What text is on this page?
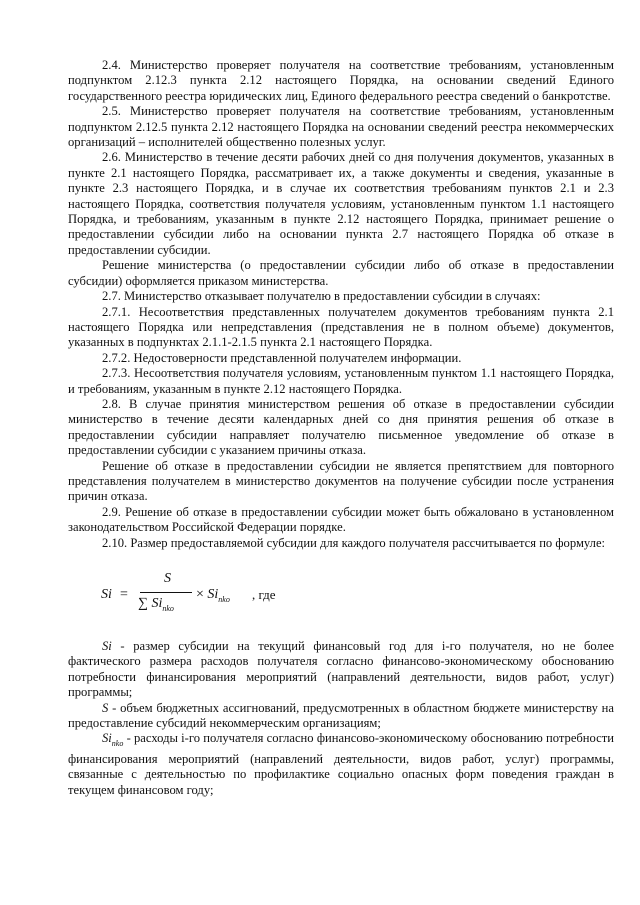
2.4. Министерство проверяет получателя на соответствие требованиям, установленным подпунктом 2.12.3 пункта 2.12 настоящего Порядка, на основании сведений Единого государственного реестра юридических лиц, Единого федерального реестра сведений о банкротстве.

2.5. Министерство проверяет получателя на соответствие требованиям, установленным подпунктом 2.12.5 пункта 2.12 настоящего Порядка на основании сведений реестра некоммерческих организаций – исполнителей общественно полезных услуг.

2.6. Министерство в течение десяти рабочих дней со дня получения документов, указанных в пункте 2.1 настоящего Порядка, рассматривает их, а также документы и сведения, указанные в пункте 2.3 настоящего Порядка, и в случае их соответствия требованиям пунктов 2.1 и 2.3 настоящего Порядка, соответствия получателя условиям, установленным пунктом 1.1 настоящего Порядка, и требованиям, указанным в пункте 2.12 настоящего Порядка, принимает решение о предоставлении субсидии либо на основании пункта 2.7 настоящего Порядка об отказе в предоставлении субсидии.

Решение министерства (о предоставлении субсидии либо об отказе в предоставлении субсидии) оформляется приказом министерства.

2.7. Министерство отказывает получателю в предоставлении субсидии в случаях:

2.7.1. Несоответствия представленных получателем документов требованиям пункта 2.1 настоящего Порядка или непредставления (представления не в полном объеме) документов, указанных в подпунктах 2.1.1-2.1.5 пункта 2.1 настоящего Порядка.

2.7.2. Недостоверности представленной получателем информации.

2.7.3. Несоответствия получателя условиям, установленным пунктом 1.1 настоящего Порядка, и требованиям, указанным в пункте 2.12 настоящего Порядка.

2.8. В случае принятия министерством решения об отказе в предоставлении субсидии министерство в течение десяти календарных дней со дня принятия решения об отказе в предоставлении субсидии направляет получателю письменное уведомление об отказе в предоставлении субсидии с указанием причины отказа.

Решение об отказе в предоставлении субсидии не является препятствием для повторного представления получателем в министерство документов на получение субсидии после устранения причин отказа.

2.9. Решение об отказе в предоставлении субсидии может быть обжаловано в установленном законодательством Российской Федерации порядке.

2.10. Размер предоставляемой субсидии для каждого получателя рассчитывается по формуле:

Si =
S
∑ $Si_{nko}$
× $Si_{nko}$ , где

Si - размер субсидии на текущий финансовый год для i-го получателя, но не более фактического размера расходов получателя согласно финансово-экономическому обоснованию потребности финансирования мероприятий (направлений деятельности, видов работ, услуг) программы;

S - объем бюджетных ассигнований, предусмотренных в областном бюджете министерству на предоставление субсидий некоммерческим организациям;

$Si_{nko}$ - расходы i-го получателя согласно финансово-экономическому обоснованию потребности финансирования мероприятий (направлений деятельности, видов работ, услуг) программы, связанные с деятельностью по профилактике социально опасных форм поведения граждан в текущем финансовом году;
